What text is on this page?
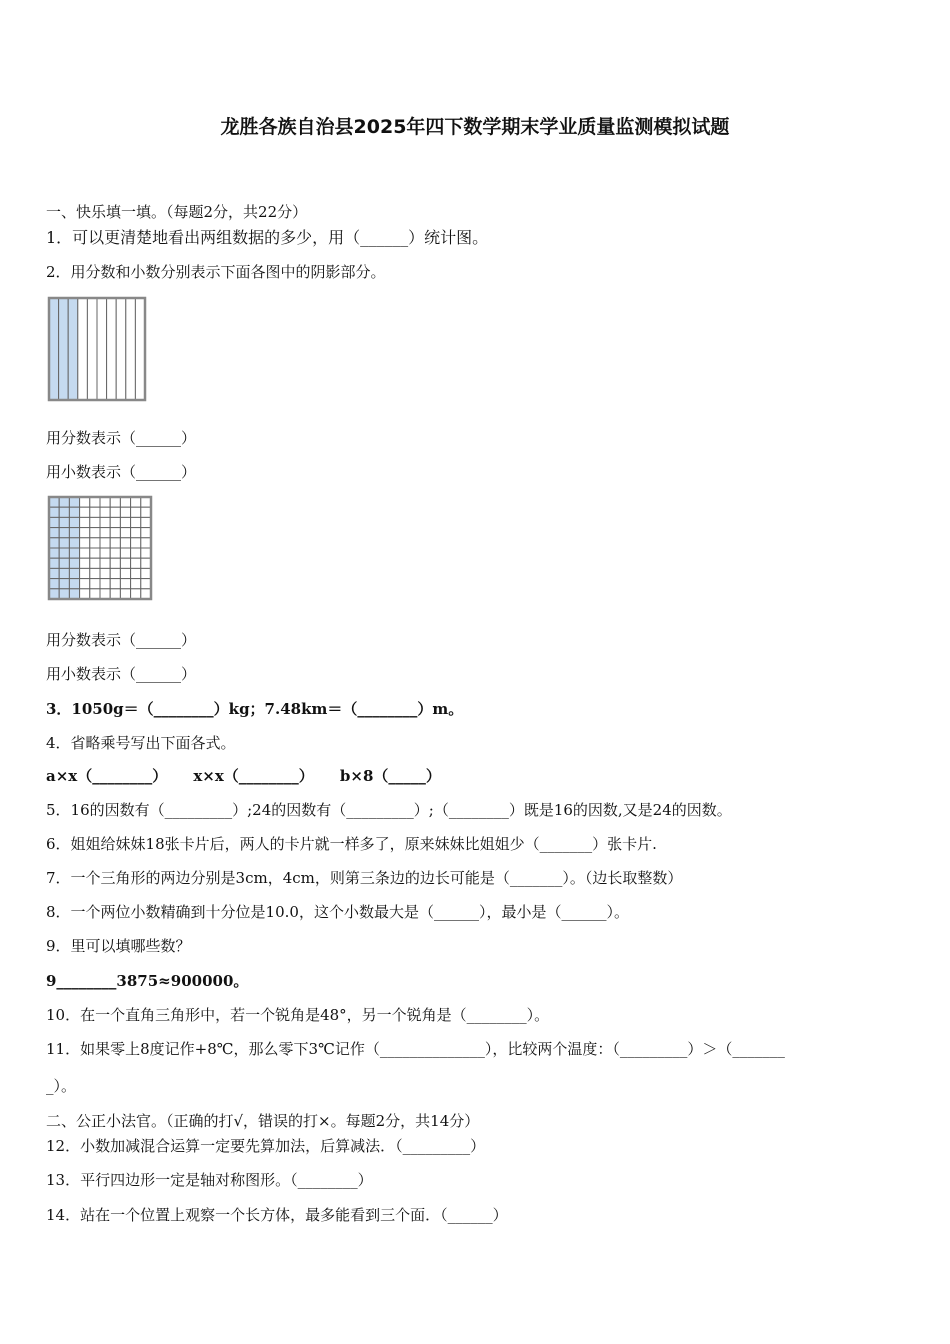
龙胜各族自治县2025年四下数学期末学业质量监测模拟试题
一、快乐填一填。（每题2分，共22分）
1．可以更清楚地看出两组数据的多少，用（______）统计图。
2．用分数和小数分别表示下面各图中的阴影部分。
用分数表示（______）
用小数表示（______）
用分数表示（______）
用小数表示（______）
3．1050g＝（________）kg；7.48km＝（________）m。
4．省略乘号写出下面各式。
a×x（________）     x×x（________）     b×8（_____）
5．16的因数有（_________）;24的因数有（_________）;（________）既是16的因数,又是24的因数。
6．姐姐给妹妹18张卡片后，两人的卡片就一样多了，原来妹妹比姐姐少（_______）张卡片.
7．一个三角形的两边分别是3cm，4cm，则第三条边的边长可能是（_______）。（边长取整数）
8．一个两位小数精确到十分位是10.0，这个小数最大是（______），最小是（______）。
9．里可以填哪些数？
9________3875≈900000。
10．在一个直角三角形中，若一个锐角是48°，另一个锐角是（________）。
11．如果零上8度记作+8℃，那么零下3℃记作（______________），比较两个温度：（_________）＞（_______
_）。
二、公正小法官。（正确的打√，错误的打×。每题2分，共14分）
12．小数加减混合运算一定要先算加法，后算减法．（_________）
13．平行四边形一定是轴对称图形。（________）
14．站在一个位置上观察一个长方体，最多能看到三个面．（______）
